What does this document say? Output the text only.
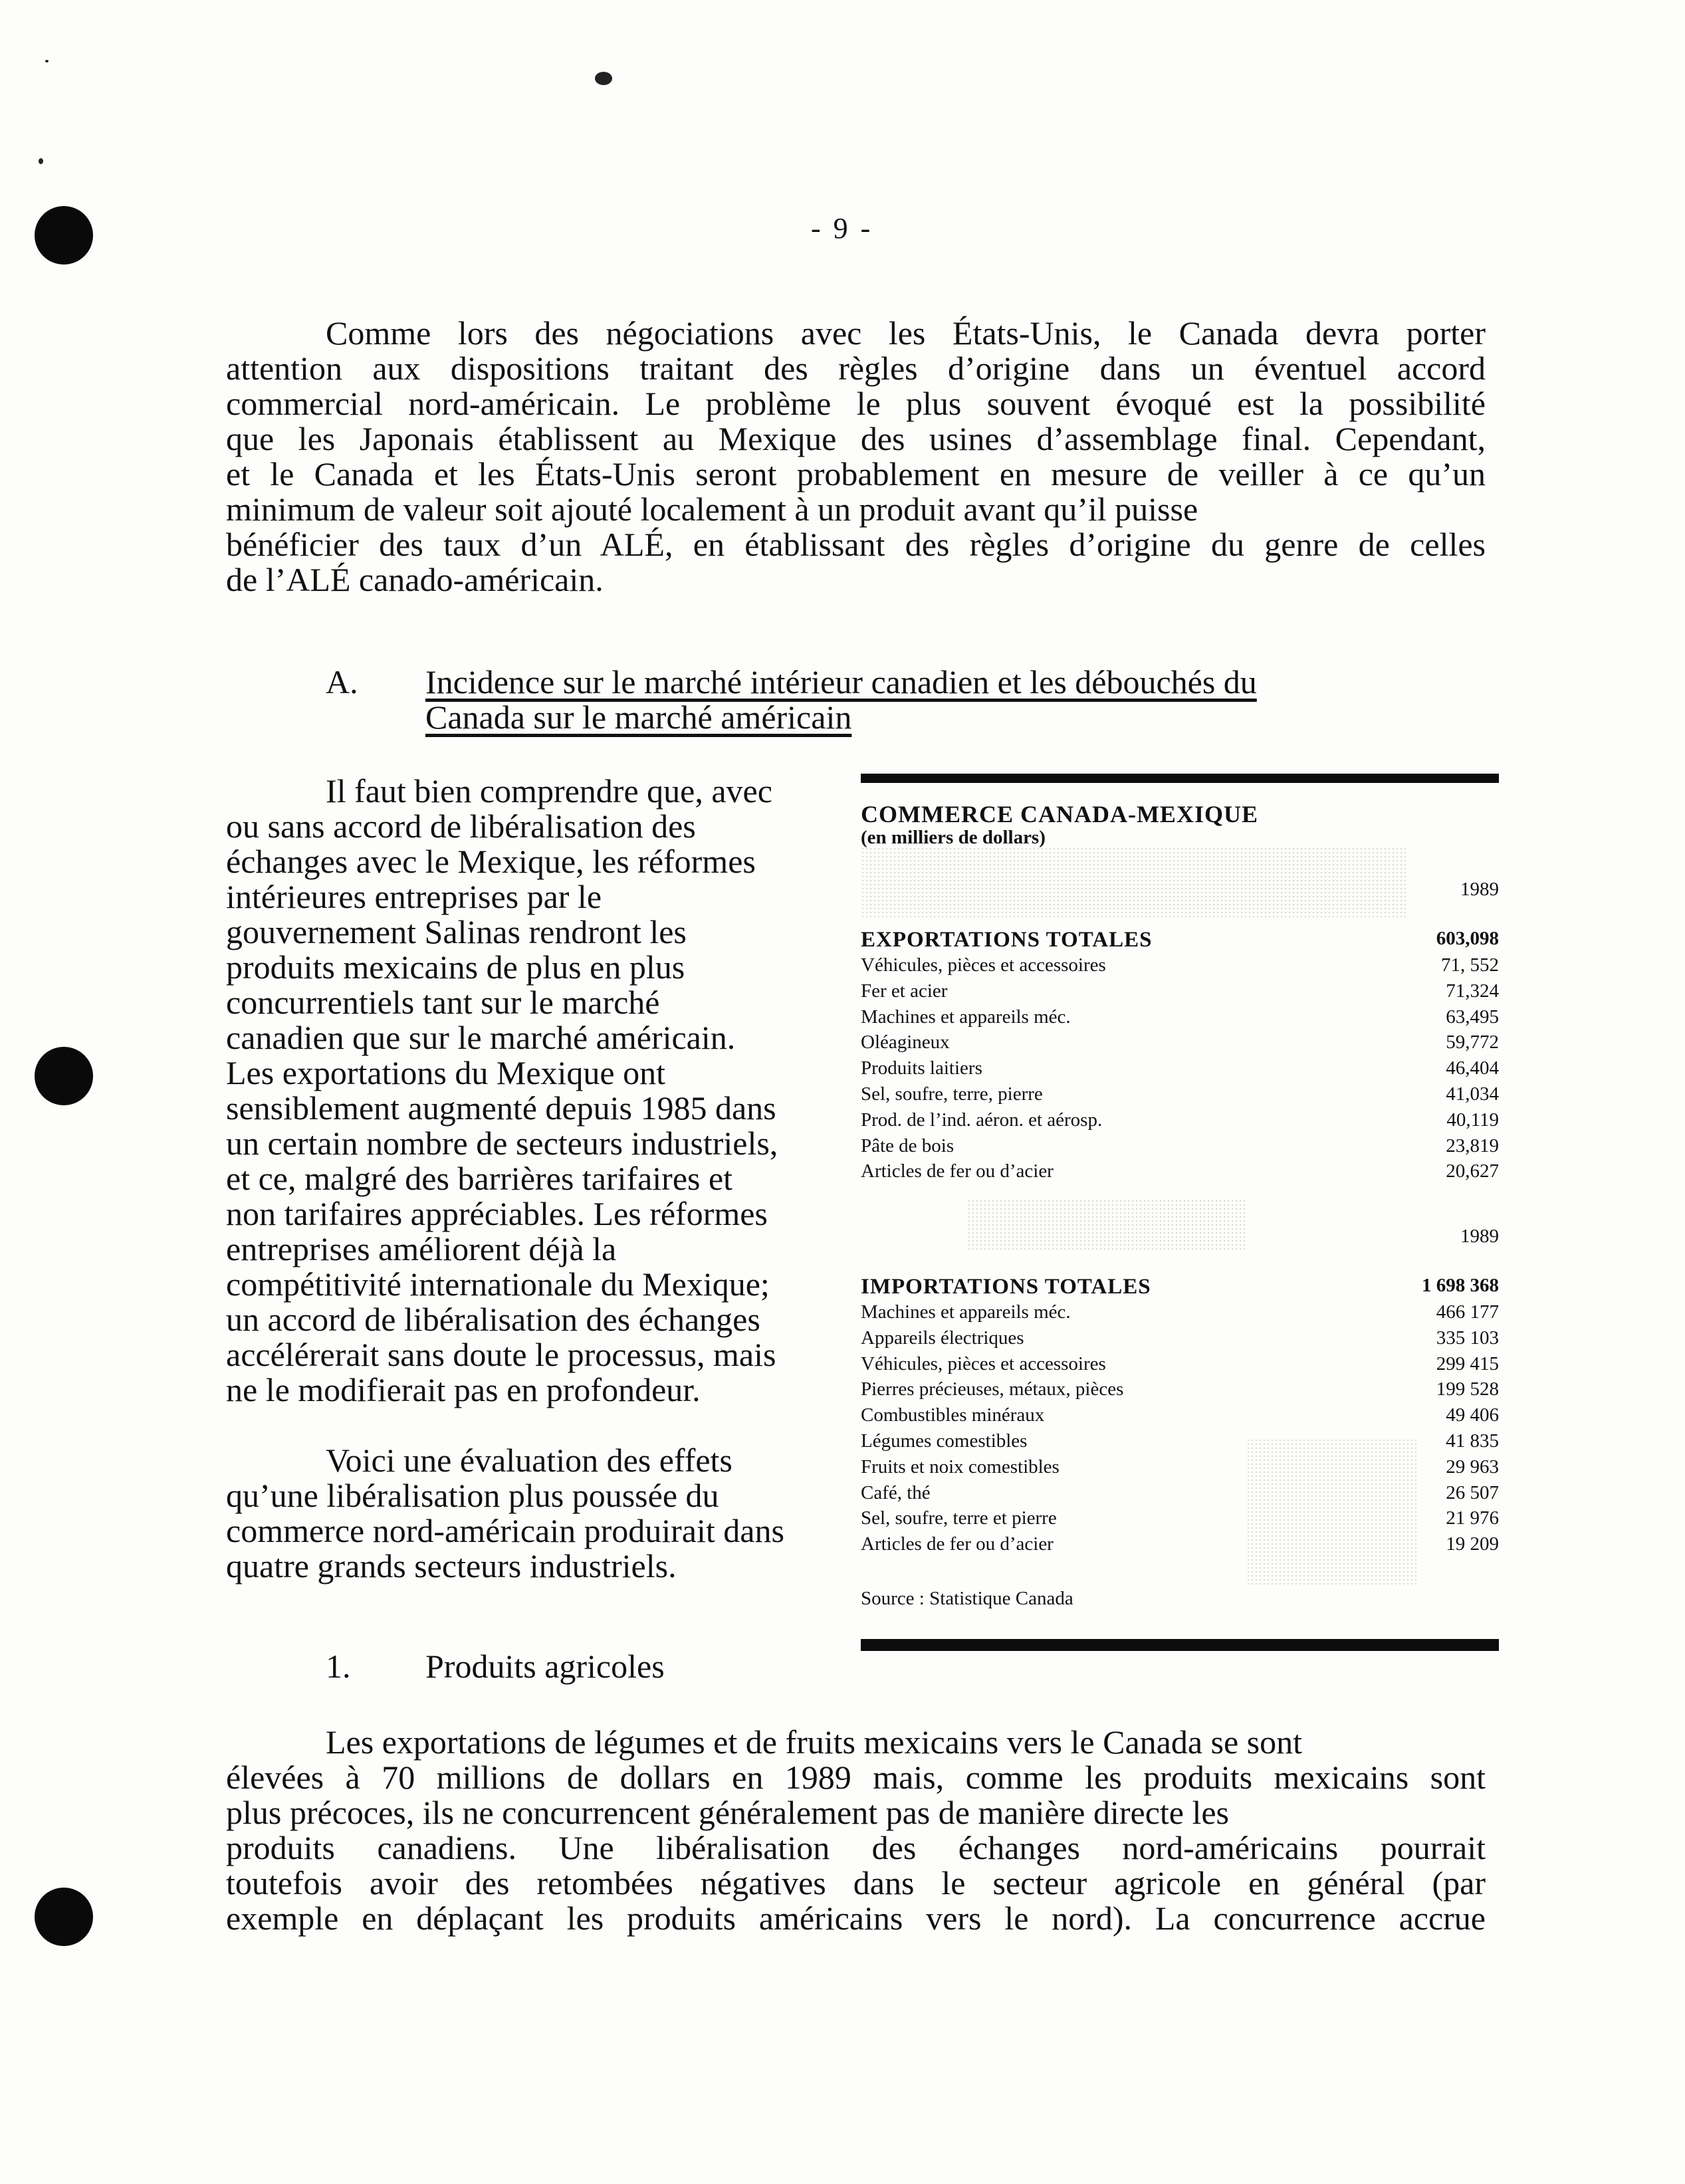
- 9 -

Comme lors des négociations avec les États-Unis, le Canada devra porter
attention aux dispositions traitant des règles d’origine dans un éventuel accord
commercial nord-américain. Le problème le plus souvent évoqué est la possibilité
que les Japonais établissent au Mexique des usines d’assemblage final. Cependant,
et le Canada et les États-Unis seront probablement en mesure de veiller à ce qu’un
minimum de valeur soit ajouté localement à un produit avant qu’il puisse
bénéficier des taux d’un ALÉ, en établissant des règles d’origine du genre de celles
de l’ALÉ canado-américain.

A. Incidence sur le marché intérieur canadien et les débouchés du
Canada sur le marché américain
Il faut bien comprendre que, avec
ou sans accord de libéralisation des
échanges avec le Mexique, les réformes
intérieures entreprises par le
gouvernement Salinas rendront les
produits mexicains de plus en plus
concurrentiels tant sur le marché
canadien que sur le marché américain.
Les exportations du Mexique ont
sensiblement augmenté depuis 1985 dans
un certain nombre de secteurs industriels,
et ce, malgré des barrières tarifaires et
non tarifaires appréciables. Les réformes
entreprises améliorent déjà la
compétitivité internationale du Mexique;
un accord de libéralisation des échanges
accélérerait sans doute le processus, mais
ne le modifierait pas en profondeur.
Voici une évaluation des effets
qu’une libéralisation plus poussée du
commerce nord-américain produirait dans
quatre grands secteurs industriels.
COMMERCE CANADA-MEXIQUE
(en milliers de dollars)
1989
EXPORTATIONS TOTALES	603,098
Véhicules, pièces et accessoires	71, 552
Fer et acier	71,324
Machines et appareils méc.	63,495
Oléagineux	59,772
Produits laitiers	46,404
Sel, soufre, terre, pierre	41,034
Prod. de l’ind. aéron. et aérosp.	40,119
Pâte de bois	23,819
Articles de fer ou d’acier	20,627
1989
IMPORTATIONS TOTALES	1 698 368
Machines et appareils méc.	466 177
Appareils électriques	335 103
Véhicules, pièces et accessoires	299 415
Pierres précieuses, métaux, pièces	199 528
Combustibles minéraux	49 406
Légumes comestibles	41 835
Fruits et noix comestibles	29 963
Café, thé	26 507
Sel, soufre, terre et pierre	21 976
Articles de fer ou d’acier	19 209
Source : Statistique Canada
1. Produits agricoles

Les exportations de légumes et de fruits mexicains vers le Canada se sont
élevées à 70 millions de dollars en 1989 mais, comme les produits mexicains sont
plus précoces, ils ne concurrencent généralement pas de manière directe les
produits canadiens. Une libéralisation des échanges nord-américains pourrait
toutefois avoir des retombées négatives dans le secteur agricole en général (par
exemple en déplaçant les produits américains vers le nord). La concurrence accrue
